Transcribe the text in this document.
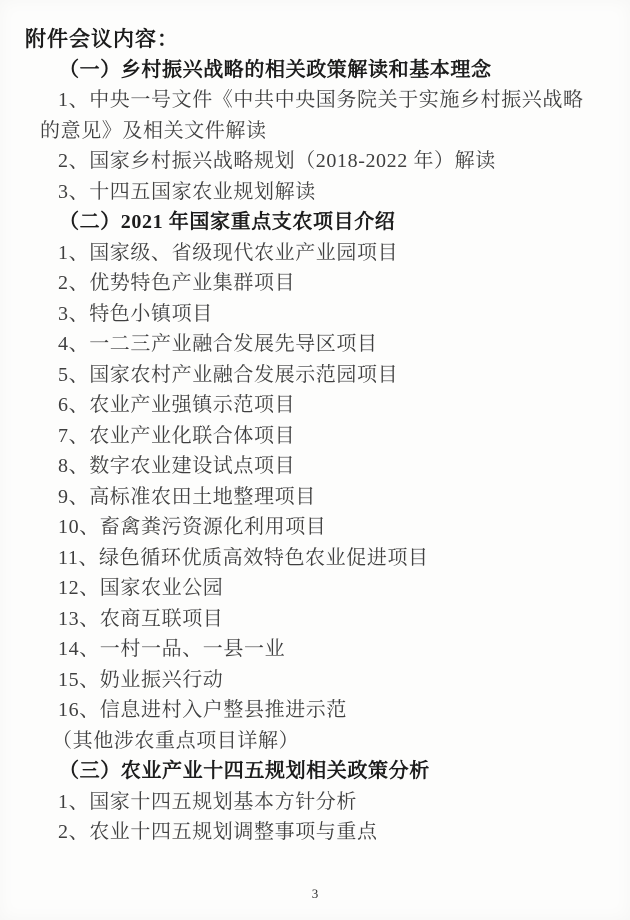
附件会议内容：
（一）乡村振兴战略的相关政策解读和基本理念
1、中央一号文件《中共中央国务院关于实施乡村振兴战略
的意见》及相关文件解读
2、国家乡村振兴战略规划（2018-2022 年）解读
3、十四五国家农业规划解读
（二）2021 年国家重点支农项目介绍
1、国家级、省级现代农业产业园项目
2、优势特色产业集群项目
3、特色小镇项目
4、一二三产业融合发展先导区项目
5、国家农村产业融合发展示范园项目
6、农业产业强镇示范项目
7、农业产业化联合体项目
8、数字农业建设试点项目
9、高标准农田土地整理项目
10、畜禽粪污资源化利用项目
11、绿色循环优质高效特色农业促进项目
12、国家农业公园
13、农商互联项目
14、一村一品、一县一业
15、奶业振兴行动
16、信息进村入户整县推进示范
（其他涉农重点项目详解）
（三）农业产业十四五规划相关政策分析
1、国家十四五规划基本方针分析
2、农业十四五规划调整事项与重点
3
